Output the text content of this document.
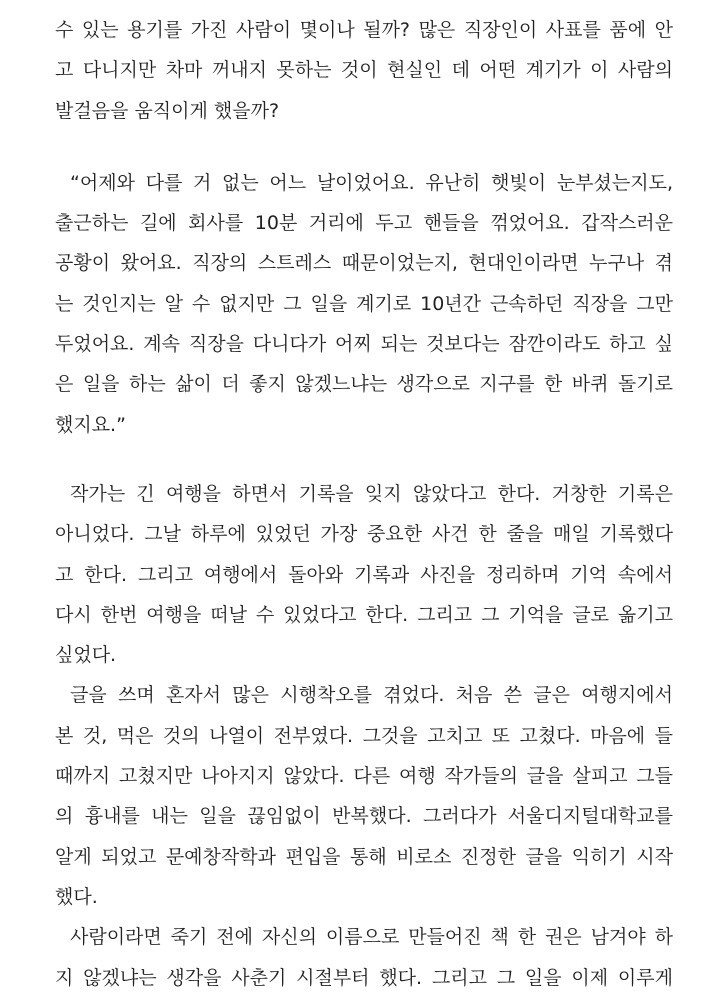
수 있는 용기를 가진 사람이 몇이나 될까? 많은 직장인이 사표를 품에 안
고 다니지만 차마 꺼내지 못하는 것이 현실인 데 어떤 계기가 이 사람의
발걸음을 움직이게 했을까?
“어제와 다를 거 없는 어느 날이었어요. 유난히 햇빛이 눈부셨는지도,
출근하는 길에 회사를 10분 거리에 두고 핸들을 꺾었어요. 갑작스러운
공황이 왔어요. 직장의 스트레스 때문이었는지, 현대인이라면 누구나 겪
는 것인지는 알 수 없지만 그 일을 계기로 10년간 근속하던 직장을 그만
두었어요. 계속 직장을 다니다가 어찌 되는 것보다는 잠깐이라도 하고 싶
은 일을 하는 삶이 더 좋지 않겠느냐는 생각으로 지구를 한 바퀴 돌기로
했지요.”
작가는 긴 여행을 하면서 기록을 잊지 않았다고 한다. 거창한 기록은
아니었다. 그날 하루에 있었던 가장 중요한 사건 한 줄을 매일 기록했다
고 한다. 그리고 여행에서 돌아와 기록과 사진을 정리하며 기억 속에서
다시 한번 여행을 떠날 수 있었다고 한다. 그리고 그 기억을 글로 옮기고
싶었다.
글을 쓰며 혼자서 많은 시행착오를 겪었다. 처음 쓴 글은 여행지에서
본 것, 먹은 것의 나열이 전부였다. 그것을 고치고 또 고쳤다. 마음에 들
때까지 고쳤지만 나아지지 않았다. 다른 여행 작가들의 글을 살피고 그들
의 흉내를 내는 일을 끊임없이 반복했다. 그러다가 서울디지털대학교를
알게 되었고 문예창작학과 편입을 통해 비로소 진정한 글을 익히기 시작
했다.
사람이라면 죽기 전에 자신의 이름으로 만들어진 책 한 권은 남겨야 하
지 않겠냐는 생각을 사춘기 시절부터 했다. 그리고 그 일을 이제 이루게
